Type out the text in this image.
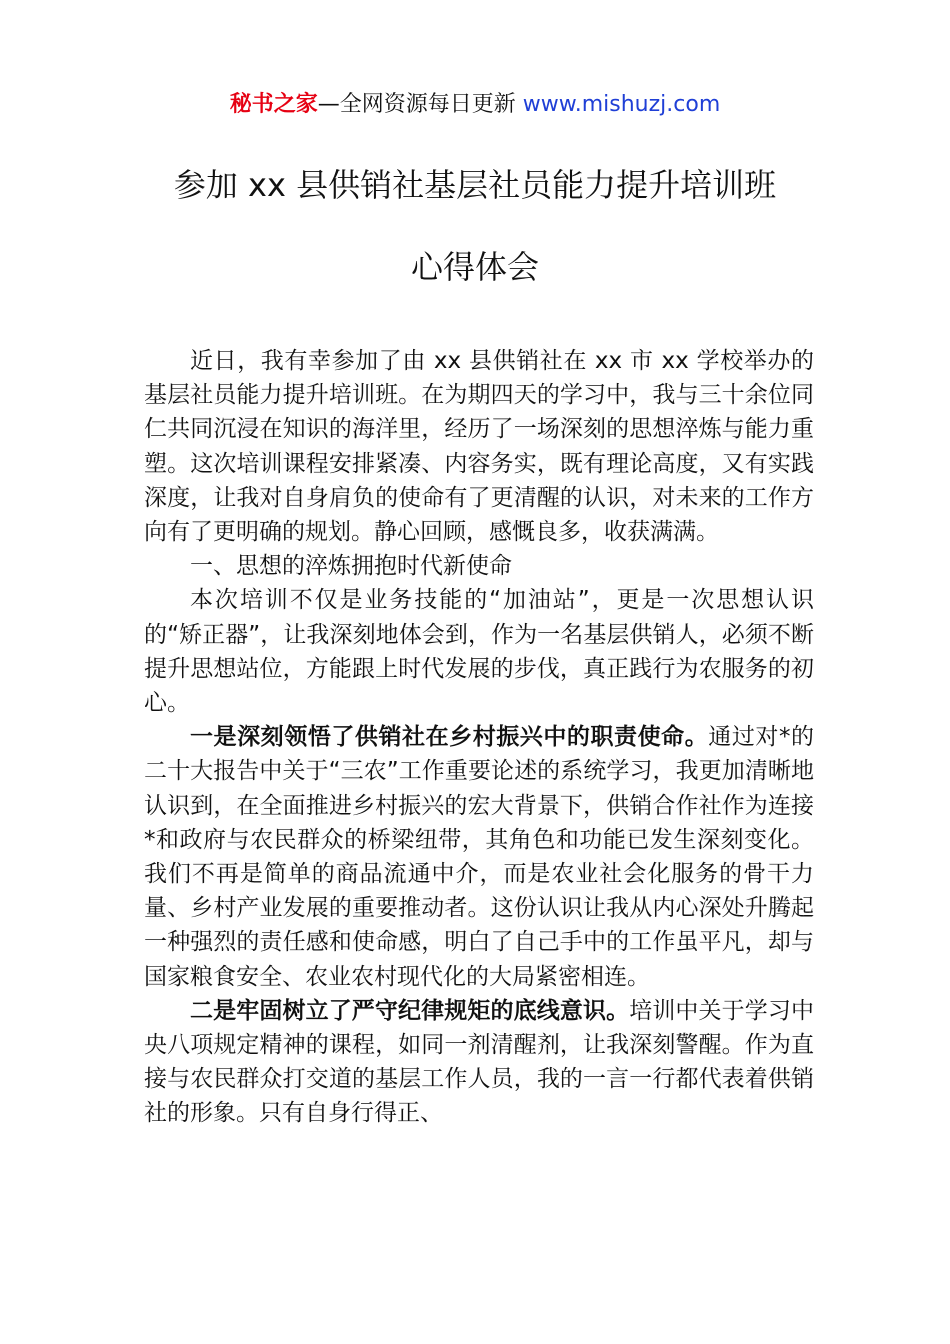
秘书之家—全网资源每日更新 www.mishuzj.com
参加 xx 县供销社基层社员能力提升培训班
心得体会

近日，我有幸参加了由 xx 县供销社在 xx 市 xx 学校举办的基层社员能力提升培训班。在为期四天的学习中，我与三十余位同仁共同沉浸在知识的海洋里，经历了一场深刻的思想淬炼与能力重塑。这次培训课程安排紧凑、内容务实，既有理论高度，又有实践深度，让我对自身肩负的使命有了更清醒的认识，对未来的工作方向有了更明确的规划。静心回顾，感慨良多，收获满满。

一、思想的淬炼拥抱时代新使命

本次培训不仅是业务技能的“加油站”，更是一次思想认识的“矫正器”，让我深刻地体会到，作为一名基层供销人，必须不断提升思想站位，方能跟上时代发展的步伐，真正践行为农服务的初心。

一是深刻领悟了供销社在乡村振兴中的职责使命。通过对*的二十大报告中关于“三农”工作重要论述的系统学习，我更加清晰地认识到，在全面推进乡村振兴的宏大背景下，供销合作社作为连接*和政府与农民群众的桥梁纽带，其角色和功能已发生深刻变化。我们不再是简单的商品流通中介，而是农业社会化服务的骨干力量、乡村产业发展的重要推动者。这份认识让我从内心深处升腾起一种强烈的责任感和使命感，明白了自己手中的工作虽平凡，却与国家粮食安全、农业农村现代化的大局紧密相连。

二是牢固树立了严守纪律规矩的底线意识。培训中关于学习中央八项规定精神的课程，如同一剂清醒剂，让我深刻警醒。作为直接与农民群众打交道的基层工作人员，我的一言一行都代表着供销社的形象。只有自身行得正、
